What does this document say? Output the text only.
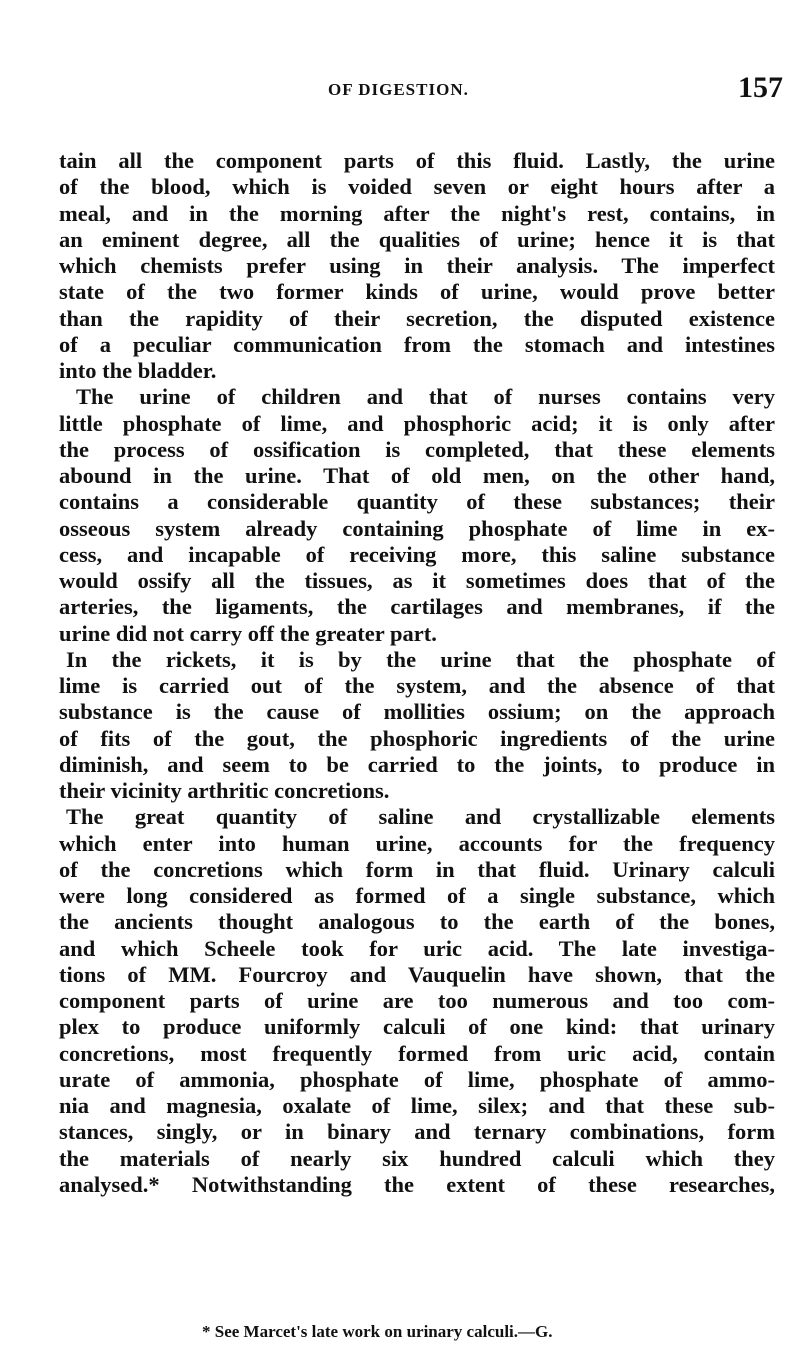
OF DIGESTION.	157
tain all the component parts of this fluid. Lastly, the urine
of the blood, which is voided seven or eight hours after a
meal, and in the morning after the night's rest, contains, in
an eminent degree, all the qualities of urine; hence it is that
which chemists prefer using in their analysis. The imperfect
state of the two former kinds of urine, would prove better
than the rapidity of their secretion, the disputed existence
of a peculiar communication from the stomach and intestines
into the bladder.
The urine of children and that of nurses contains very
little phosphate of lime, and phosphoric acid; it is only after
the process of ossification is completed, that these elements
abound in the urine. That of old men, on the other hand,
contains a considerable quantity of these substances; their
osseous system already containing phosphate of lime in ex-
cess, and incapable of receiving more, this saline substance
would ossify all the tissues, as it sometimes does that of the
arteries, the ligaments, the cartilages and membranes, if the
urine did not carry off the greater part.
In the rickets, it is by the urine that the phosphate of
lime is carried out of the system, and the absence of that
substance is the cause of mollities ossium; on the approach
of fits of the gout, the phosphoric ingredients of the urine
diminish, and seem to be carried to the joints, to produce in
their vicinity arthritic concretions.
The great quantity of saline and crystallizable elements
which enter into human urine, accounts for the frequency
of the concretions which form in that fluid. Urinary calculi
were long considered as formed of a single substance, which
the ancients thought analogous to the earth of the bones,
and which Scheele took for uric acid. The late investiga-
tions of MM. Fourcroy and Vauquelin have shown, that the
component parts of urine are too numerous and too com-
plex to produce uniformly calculi of one kind: that urinary
concretions, most frequently formed from uric acid, contain
urate of ammonia, phosphate of lime, phosphate of ammo-
nia and magnesia, oxalate of lime, silex; and that these sub-
stances, singly, or in binary and ternary combinations, form
the materials of nearly six hundred calculi which they
analysed.* Notwithstanding the extent of these researches,
* See Marcet's late work on urinary calculi.—G.
